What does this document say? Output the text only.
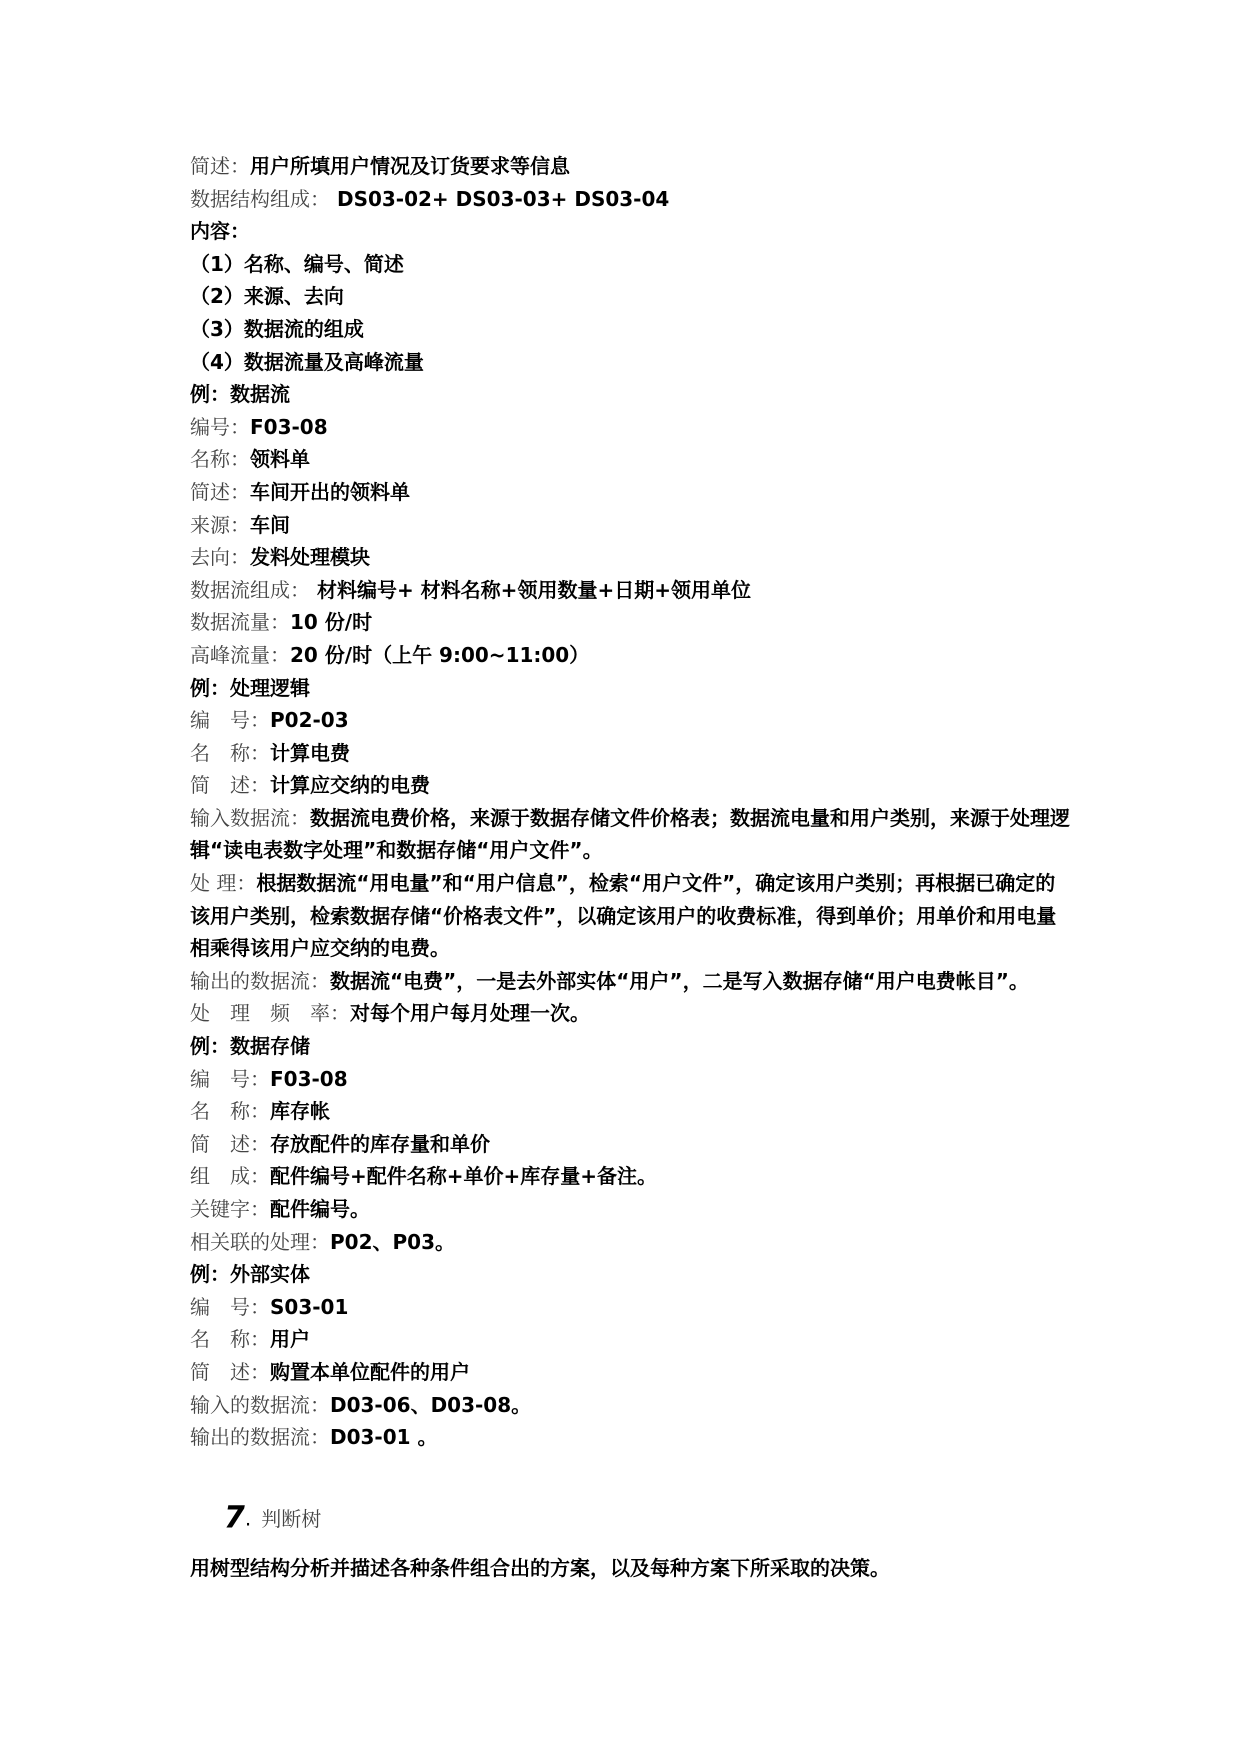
简述：用户所填用户情况及订货要求等信息
数据结构组成： DS03-02+ DS03-03+ DS03-04
内容：
（1）名称、编号、简述
（2）来源、去向
（3）数据流的组成
（4）数据流量及高峰流量
例：数据流
编号：F03-08
名称：领料单
简述：车间开出的领料单
来源：车间
去向：发料处理模块
数据流组成： 材料编号+ 材料名称+领用数量+日期+领用单位
数据流量：10 份/时
高峰流量：20 份/时（上午 9:00~11:00）
例：处理逻辑
编　号：P02-03
名　称：计算电费
简　述：计算应交纳的电费
输入数据流：数据流电费价格，来源于数据存储文件价格表；数据流电量和用户类别，来源于处理逻辑“读电表数字处理”和数据存储“用户文件”。
处 理：根据数据流“用电量”和“用户信息”，检索“用户文件”，确定该用户类别；再根据已确定的该用户类别，检索数据存储“价格表文件”，以确定该用户的收费标准，得到单价；用单价和用电量相乘得该用户应交纳的电费。
输出的数据流：数据流“电费”，一是去外部实体“用户”，二是写入数据存储“用户电费帐目”。
处　理　频　率：对每个用户每月处理一次。
例：数据存储
编　号：F03-08
名　称：库存帐
简　述：存放配件的库存量和单价
组　成：配件编号+配件名称+单价+库存量+备注。
关键字：配件编号。
相关联的处理：P02、P03。
例：外部实体
编　号：S03-01
名　称：用户
简　述：购置本单位配件的用户
输入的数据流：D03-06、D03-08。
输出的数据流：D03-01 。
7. 判断树
用树型结构分析并描述各种条件组合出的方案，以及每种方案下所采取的决策。
